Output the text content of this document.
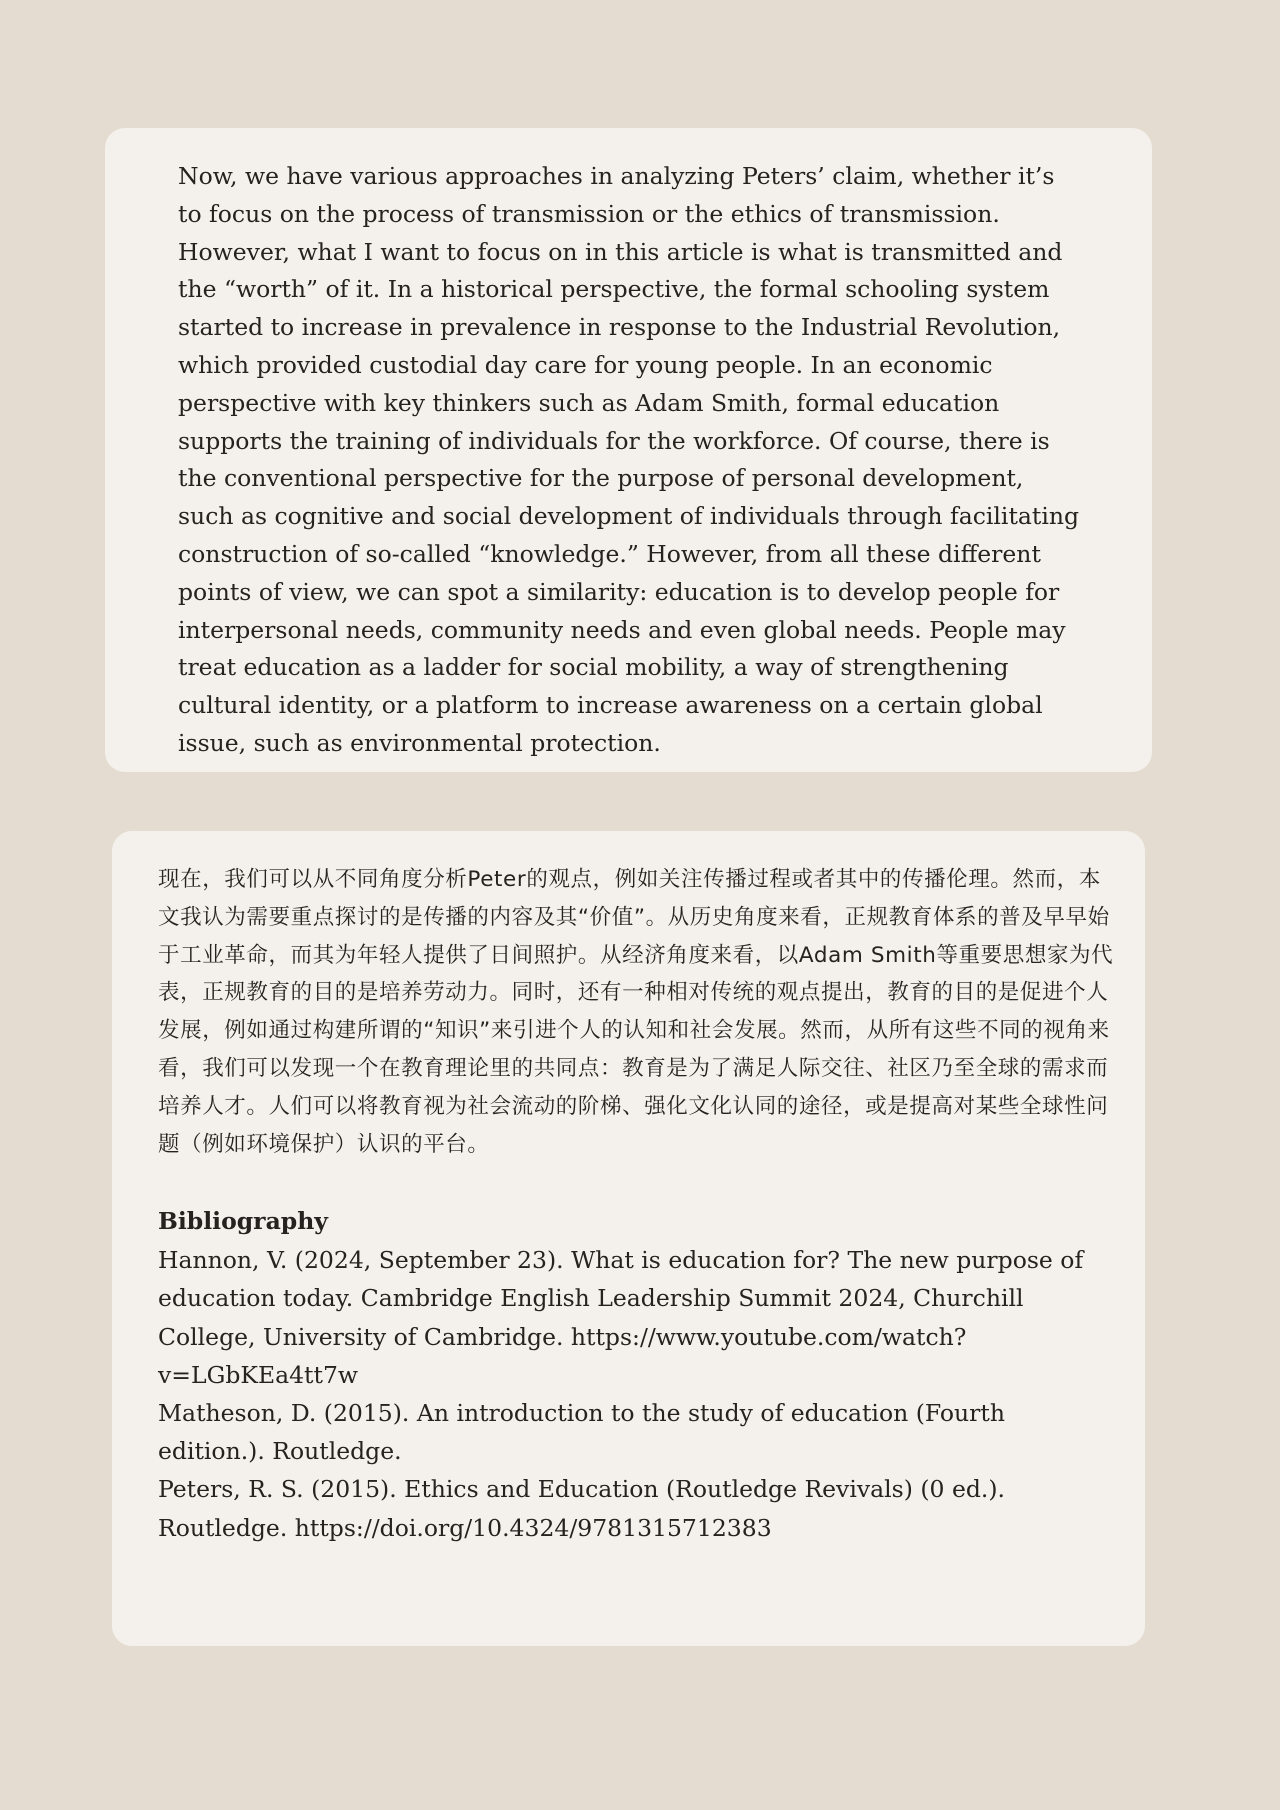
Now, we have various approaches in analyzing Peters’ claim, whether it’s to focus on the process of transmission or the ethics of transmission. However, what I want to focus on in this article is what is transmitted and the “worth” of it. In a historical perspective, the formal schooling system started to increase in prevalence in response to the Industrial Revolution, which provided custodial day care for young people. In an economic perspective with key thinkers such as Adam Smith, formal education supports the training of individuals for the workforce. Of course, there is the conventional perspective for the purpose of personal development, such as cognitive and social development of individuals through facilitating construction of so-called “knowledge.” However, from all these different points of view, we can spot a similarity: education is to develop people for interpersonal needs, community needs and even global needs. People may treat education as a ladder for social mobility, a way of strengthening cultural identity, or a platform to increase awareness on a certain global issue, such as environmental protection.

现在，我们可以从不同角度分析Peter的观点，例如关注传播过程或者其中的传播伦理。然而，本文我认为需要重点探讨的是传播的内容及其“价值”。从历史角度来看，正规教育体系的普及早早始于工业革命，而其为年轻人提供了日间照护。从经济角度来看，以Adam Smith等重要思想家为代表，正规教育的目的是培养劳动力。同时，还有一种相对传统的观点提出，教育的目的是促进个人发展，例如通过构建所谓的“知识”来引进个人的认知和社会发展。然而，从所有这些不同的视角来看，我们可以发现一个在教育理论里的共同点：教育是为了满足人际交往、社区乃至全球的需求而培养人才。人们可以将教育视为社会流动的阶梯、强化文化认同的途径，或是提高对某些全球性问题（例如环境保护）认识的平台。

Bibliography

Hannon, V. (2024, September 23). What is education for? The new purpose of education today. Cambridge English Leadership Summit 2024, Churchill College, University of Cambridge. https://www.youtube.com/watch?v=LGbKEa4tt7w

Matheson, D. (2015). An introduction to the study of education (Fourth edition.). Routledge.

Peters, R. S. (2015). Ethics and Education (Routledge Revivals) (0 ed.). Routledge. https://doi.org/10.4324/9781315712383
